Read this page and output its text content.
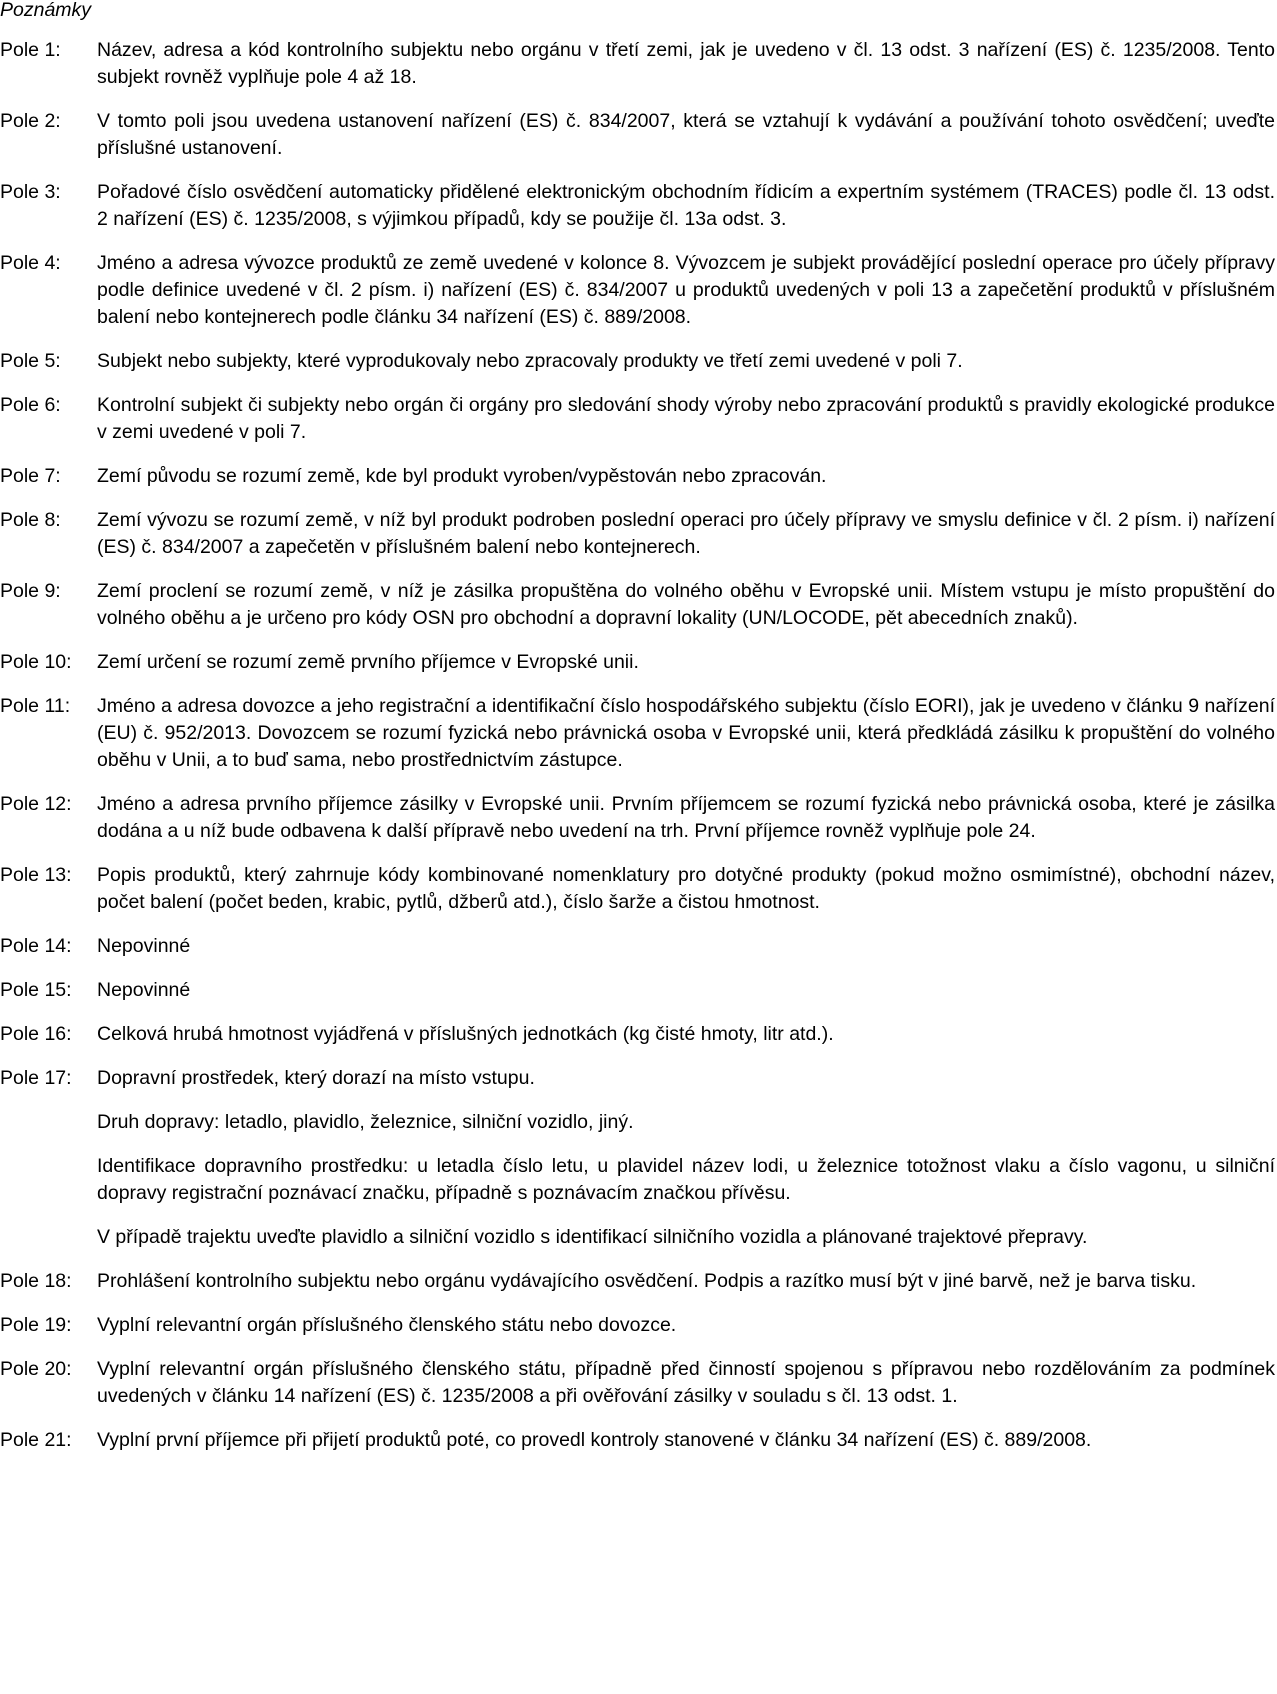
Poznámky

Pole 1:	Název, adresa a kód kontrolního subjektu nebo orgánu v třetí zemi, jak je uvedeno v čl. 13 odst. 3 nařízení (ES) č. 1235/2008. Tento subjekt rovněž vyplňuje pole 4 až 18.

Pole 2:	V tomto poli jsou uvedena ustanovení nařízení (ES) č. 834/2007, která se vztahují k vydávání a používání tohoto osvědčení; uveďte příslušné ustanovení.

Pole 3:	Pořadové číslo osvědčení automaticky přidělené elektronickým obchodním řídicím a expertním systémem (TRACES) podle čl. 13 odst. 2 nařízení (ES) č. 1235/2008, s výjimkou případů, kdy se použije čl. 13a odst. 3.

Pole 4:	Jméno a adresa vývozce produktů ze země uvedené v kolonce 8. Vývozcem je subjekt provádějící poslední operace pro účely přípravy podle definice uvedené v čl. 2 písm. i) nařízení (ES) č. 834/2007 u produktů uvedených v poli 13 a zapečetění produktů v příslušném balení nebo kontejnerech podle článku 34 nařízení (ES) č. 889/2008.

Pole 5:	Subjekt nebo subjekty, které vyprodukovaly nebo zpracovaly produkty ve třetí zemi uvedené v poli 7.

Pole 6:	Kontrolní subjekt či subjekty nebo orgán či orgány pro sledování shody výroby nebo zpracování produktů s pravidly ekologické produkce v zemi uvedené v poli 7.

Pole 7:	Zemí původu se rozumí země, kde byl produkt vyroben/vypěstován nebo zpracován.

Pole 8:	Zemí vývozu se rozumí země, v níž byl produkt podroben poslední operaci pro účely přípravy ve smyslu definice v čl. 2 písm. i) nařízení (ES) č. 834/2007 a zapečetěn v příslušném balení nebo kontejnerech.

Pole 9:	Zemí proclení se rozumí země, v níž je zásilka propuštěna do volného oběhu v Evropské unii. Místem vstupu je místo propuštění do volného oběhu a je určeno pro kódy OSN pro obchodní a dopravní lokality (UN/LOCODE, pět abecedních znaků).

Pole 10:	Zemí určení se rozumí země prvního příjemce v Evropské unii.

Pole 11:	Jméno a adresa dovozce a jeho registrační a identifikační číslo hospodářského subjektu (číslo EORI), jak je uvedeno v článku 9 nařízení (EU) č. 952/2013. Dovozcem se rozumí fyzická nebo právnická osoba v Evropské unii, která předkládá zásilku k propuštění do volného oběhu v Unii, a to buď sama, nebo prostřednictvím zástupce.

Pole 12:	Jméno a adresa prvního příjemce zásilky v Evropské unii. Prvním příjemcem se rozumí fyzická nebo právnická osoba, které je zásilka dodána a u níž bude odbavena k další přípravě nebo uvedení na trh. První příjemce rovněž vyplňuje pole 24.

Pole 13:	Popis produktů, který zahrnuje kódy kombinované nomenklatury pro dotyčné produkty (pokud možno osmimístné), obchodní název, počet balení (počet beden, krabic, pytlů, džberů atd.), číslo šarže a čistou hmotnost.

Pole 14:	Nepovinné

Pole 15:	Nepovinné

Pole 16:	Celková hrubá hmotnost vyjádřená v příslušných jednotkách (kg čisté hmoty, litr atd.).

Pole 17:	Dopravní prostředek, který dorazí na místo vstupu.

Druh dopravy: letadlo, plavidlo, železnice, silniční vozidlo, jiný.

Identifikace dopravního prostředku: u letadla číslo letu, u plavidel název lodi, u železnice totožnost vlaku a číslo vagonu, u silniční dopravy registrační poznávací značku, případně s poznávacím značkou přívěsu.

V případě trajektu uveďte plavidlo a silniční vozidlo s identifikací silničního vozidla a plánované trajektové přepravy.

Pole 18:	Prohlášení kontrolního subjektu nebo orgánu vydávajícího osvědčení. Podpis a razítko musí být v jiné barvě, než je barva tisku.

Pole 19:	Vyplní relevantní orgán příslušného členského státu nebo dovozce.

Pole 20:	Vyplní relevantní orgán příslušného členského státu, případně před činností spojenou s přípravou nebo rozdělováním za podmínek uvedených v článku 14 nařízení (ES) č. 1235/2008 a při ověřování zásilky v souladu s čl. 13 odst. 1.

Pole 21:	Vyplní první příjemce při přijetí produktů poté, co provedl kontroly stanovené v článku 34 nařízení (ES) č. 889/2008.
